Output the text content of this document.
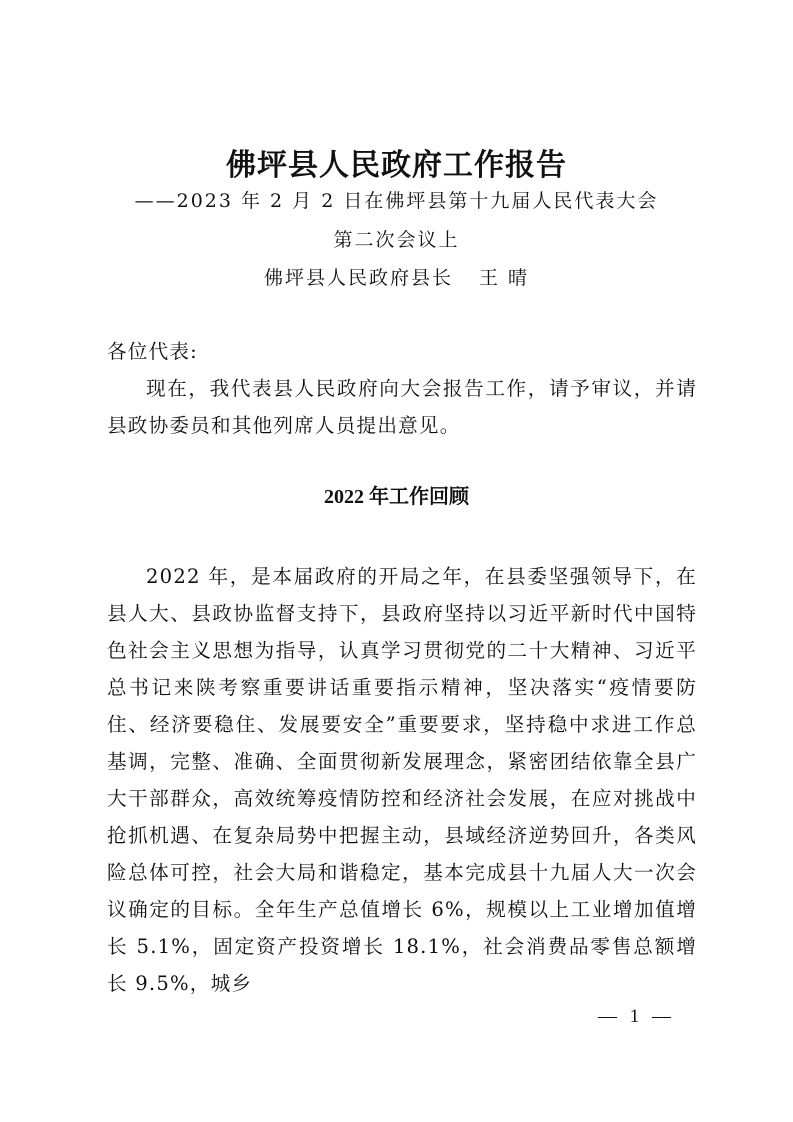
佛坪县人民政府工作报告
——2023 年 2 月 2 日在佛坪县第十九届人民代表大会
第二次会议上
佛坪县人民政府县长 王 晴
各位代表:

现在，我代表县人民政府向大会报告工作，请予审议，并请县政协委员和其他列席人员提出意见。

2022 年工作回顾

2022 年，是本届政府的开局之年，在县委坚强领导下，在县人大、县政协监督支持下，县政府坚持以习近平新时代中国特色社会主义思想为指导，认真学习贯彻党的二十大精神、习近平总书记来陕考察重要讲话重要指示精神，坚决落实“疫情要防住、经济要稳住、发展要安全”重要要求，坚持稳中求进工作总基调，完整、准确、全面贯彻新发展理念，紧密团结依靠全县广大干部群众，高效统筹疫情防控和经济社会发展，在应对挑战中抢抓机遇、在复杂局势中把握主动，县域经济逆势回升，各类风险总体可控，社会大局和谐稳定，基本完成县十九届人大一次会议确定的目标。全年生产总值增长 6%，规模以上工业增加值增长 5.1%，固定资产投资增长 18.1%，社会消费品零售总额增长 9.5%，城乡

— 1 —
